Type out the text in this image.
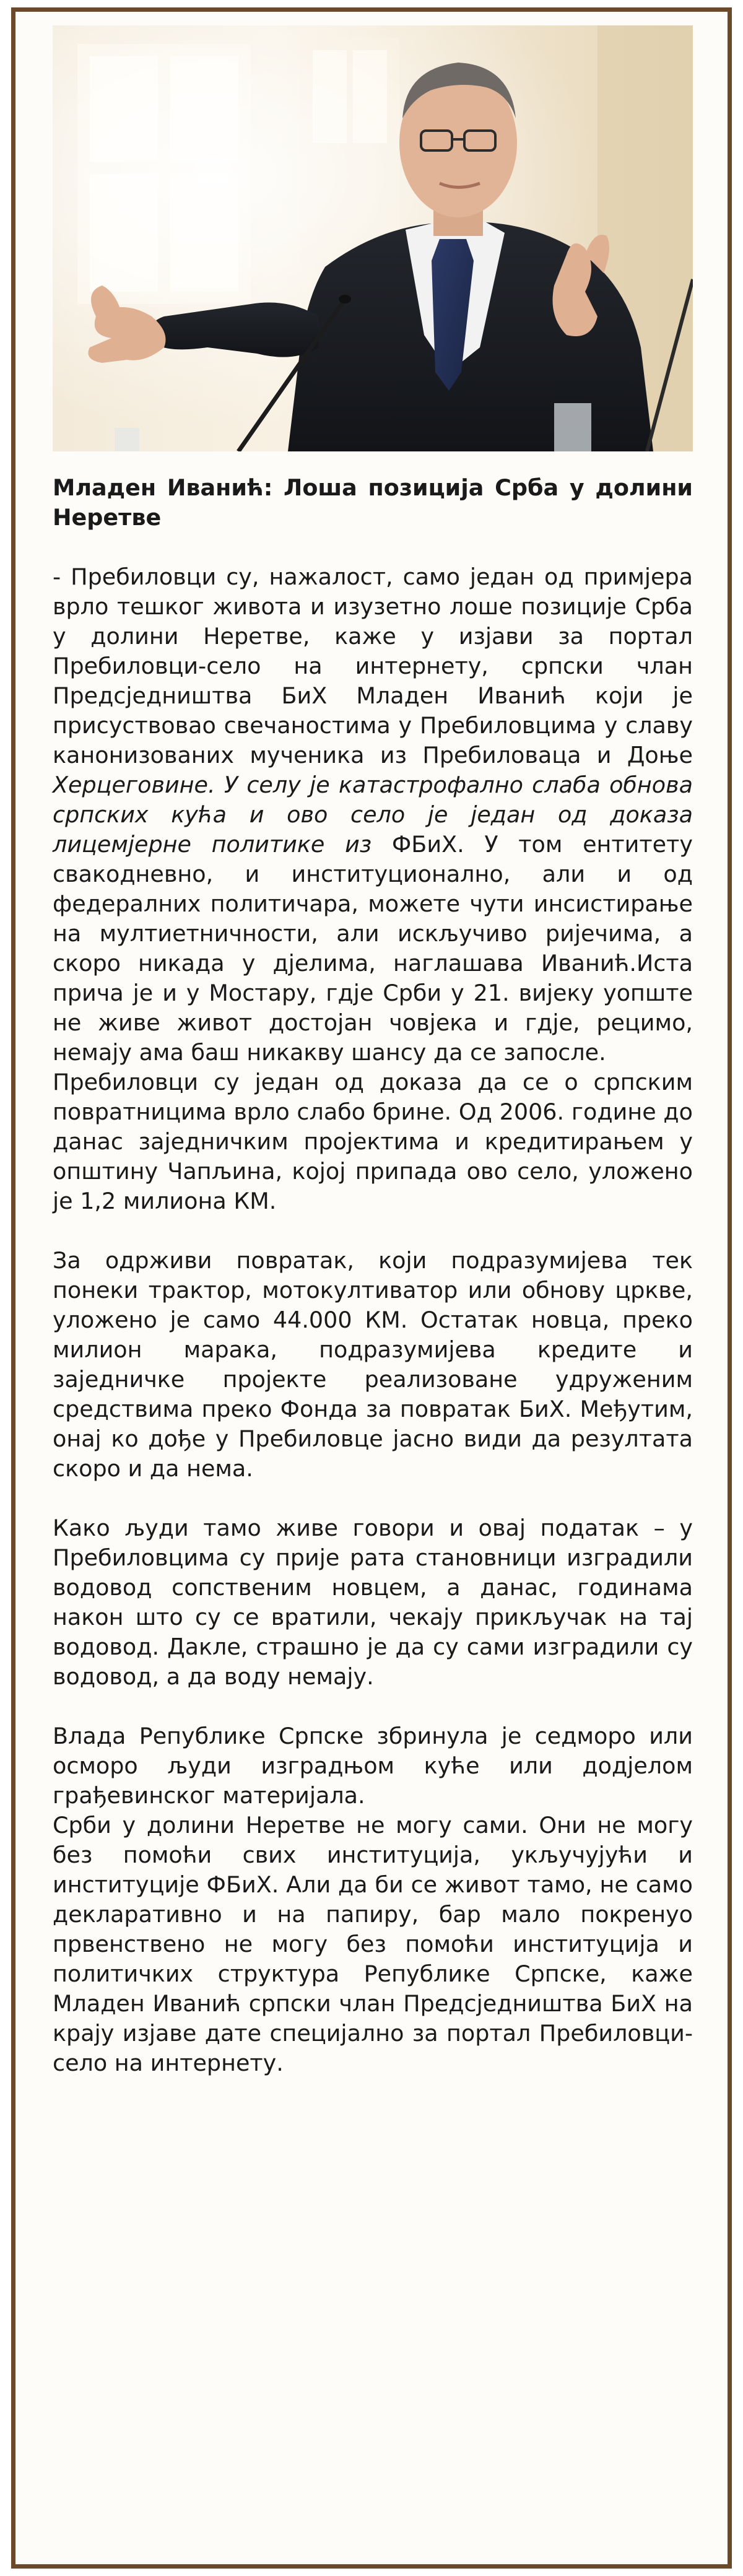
Младен Иванић: Лоша позиција Срба у долини Неретве

- Пребиловци су, нажалост, само један од примјера врло тешког живота и изузетно лоше позиције Срба у долини Неретве, каже у изјави за портал Пребиловци-село на интернету, српски члан Предсједништва БиХ Младен Иванић који је присуствовао свечаностима у Пребиловцима у славу канонизованих мученика из Пребиловаца и Доње Херцеговине. У селу је катастрофално слаба обнова српских кућа и ово село је један од доказа лицемјерне политике из ФБиХ. У том ентитету свакодневно, и институционално, али и од федералних политичара, можете чути инсистирање на мултиетничности, али искључиво ријечима, а скоро никада у дјелима, наглашава Иванић.Иста прича је и у Мостару, гдје Срби у 21. вијеку уопште не живе живот достојан човјека и гдје, рецимо, немају ама баш никакву шансу да се запосле.

Пребиловци су један од доказа да се о српским повратницима врло слабо брине. Од 2006. године до данас заједничким пројектима и кредитирањем у општину Чапљина, којој припада ово село, уложено је 1,2 милиона КМ.

За одрживи повратак, који подразумијева тек понеки трактор, мотокултиватор или обнову цркве, уложено је само 44.000 КМ. Остатак новца, преко милион марака, подразумијева кредите и заједничке пројекте реализоване удруженим средствима преко Фонда за повратак БиХ. Међутим, онај ко дође у Пребиловце јасно види да резултата скоро и да нема.

Како људи тамо живе говори и овај податак – у Пребиловцима су прије рата становници изградили водовод сопственим новцем, а данас, годинама након што су се вратили, чекају прикључак на тај водовод. Дакле, страшно је да су сами изградили су водовод, а да воду немају.

Влада Републике Српске збринула је седморо или осморо људи изградњом куће или додјелом грађевинског материјала.

Срби у долини Неретве не могу сами. Они не могу без помоћи свих институција, укључујући и институције ФБиХ. Али да би се живот тамо, не само декларативно и на папиру, бар мало покренуо првенствено не могу без помоћи институција и политичких структура Републике Српске, каже Младен Иванић српски члан Предсједништва БиХ на крају изјаве дате специјално за портал Пребиловци-село на интернету.
